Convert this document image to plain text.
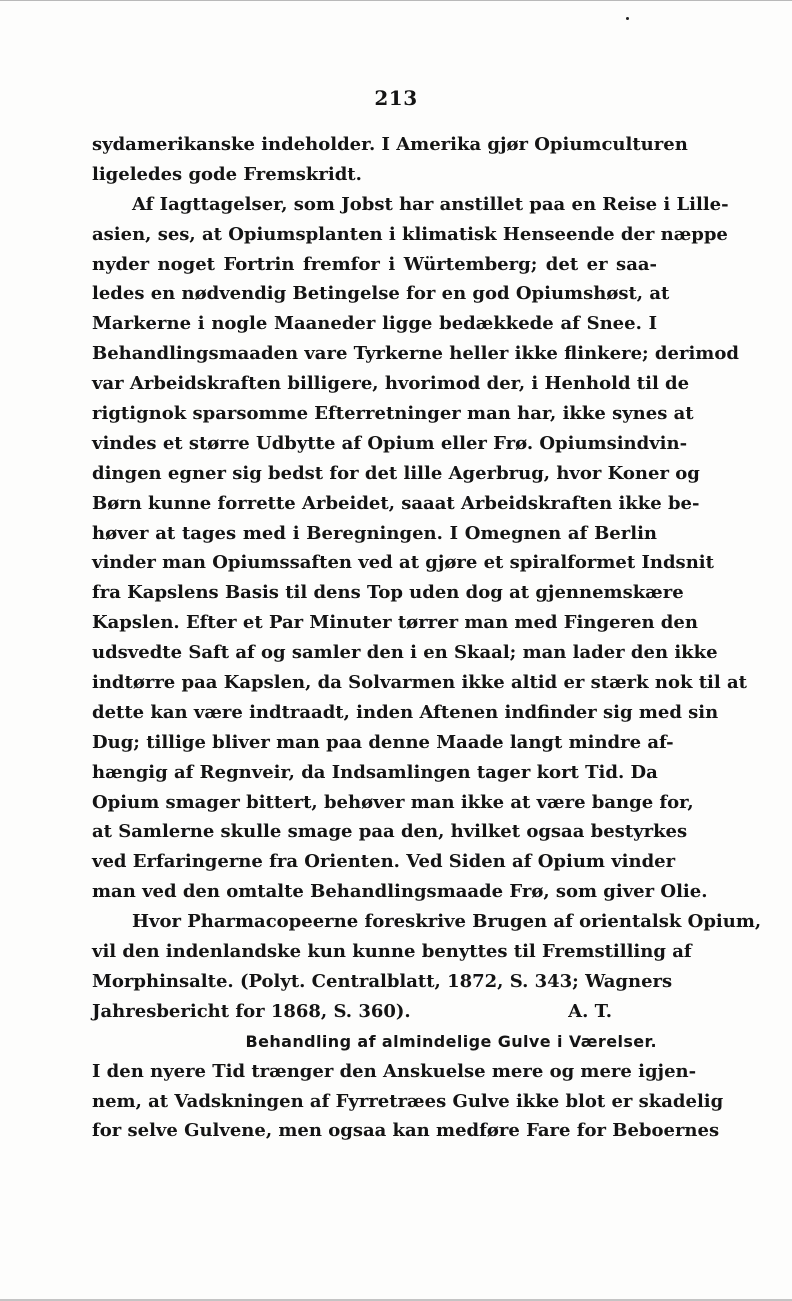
213
sydamerikanske indeholder. I Amerika gjør Opiumculturen
ligeledes gode Fremskridt.
Af Iagttagelser, som Jobst har anstillet paa en Reise i Lille-
asien, ses, at Opiumsplanten i klimatisk Henseende der næppe
nyder noget Fortrin fremfor i Würtemberg; det er saa-
ledes en nødvendig Betingelse for en god Opiumshøst, at
Markerne i nogle Maaneder ligge bedækkede af Snee. I
Behandlingsmaaden vare Tyrkerne heller ikke flinkere; derimod
var Arbeidskraften billigere, hvorimod der, i Henhold til de
rigtignok sparsomme Efterretninger man har, ikke synes at
vindes et større Udbytte af Opium eller Frø. Opiumsindvin-
dingen egner sig bedst for det lille Agerbrug, hvor Koner og
Børn kunne forrette Arbeidet, saaat Arbeidskraften ikke be-
høver at tages med i Beregningen. I Omegnen af Berlin
vinder man Opiumssaften ved at gjøre et spiralformet Indsnit
fra Kapslens Basis til dens Top uden dog at gjennemskære
Kapslen. Efter et Par Minuter tørrer man med Fingeren den
udsvedte Saft af og samler den i en Skaal; man lader den ikke
indtørre paa Kapslen, da Solvarmen ikke altid er stærk nok til at
dette kan være indtraadt, inden Aftenen indfinder sig med sin
Dug; tillige bliver man paa denne Maade langt mindre af-
hængig af Regnveir, da Indsamlingen tager kort Tid. Da
Opium smager bittert, behøver man ikke at være bange for,
at Samlerne skulle smage paa den, hvilket ogsaa bestyrkes
ved Erfaringerne fra Orienten. Ved Siden af Opium vinder
man ved den omtalte Behandlingsmaade Frø, som giver Olie.
Hvor Pharmacopeerne foreskrive Brugen af orientalsk Opium,
vil den indenlandske kun kunne benyttes til Fremstilling af
Morphinsalte. (Polyt. Centralblatt, 1872, S. 343; Wagners
Jahresbericht for 1868, S. 360).	A. T.
Behandling af almindelige Gulve i Værelser.
I den nyere Tid trænger den Anskuelse mere og mere igjen-
nem, at Vadskningen af Fyrretræes Gulve ikke blot er skadelig
for selve Gulvene, men ogsaa kan medføre Fare for Beboernes
